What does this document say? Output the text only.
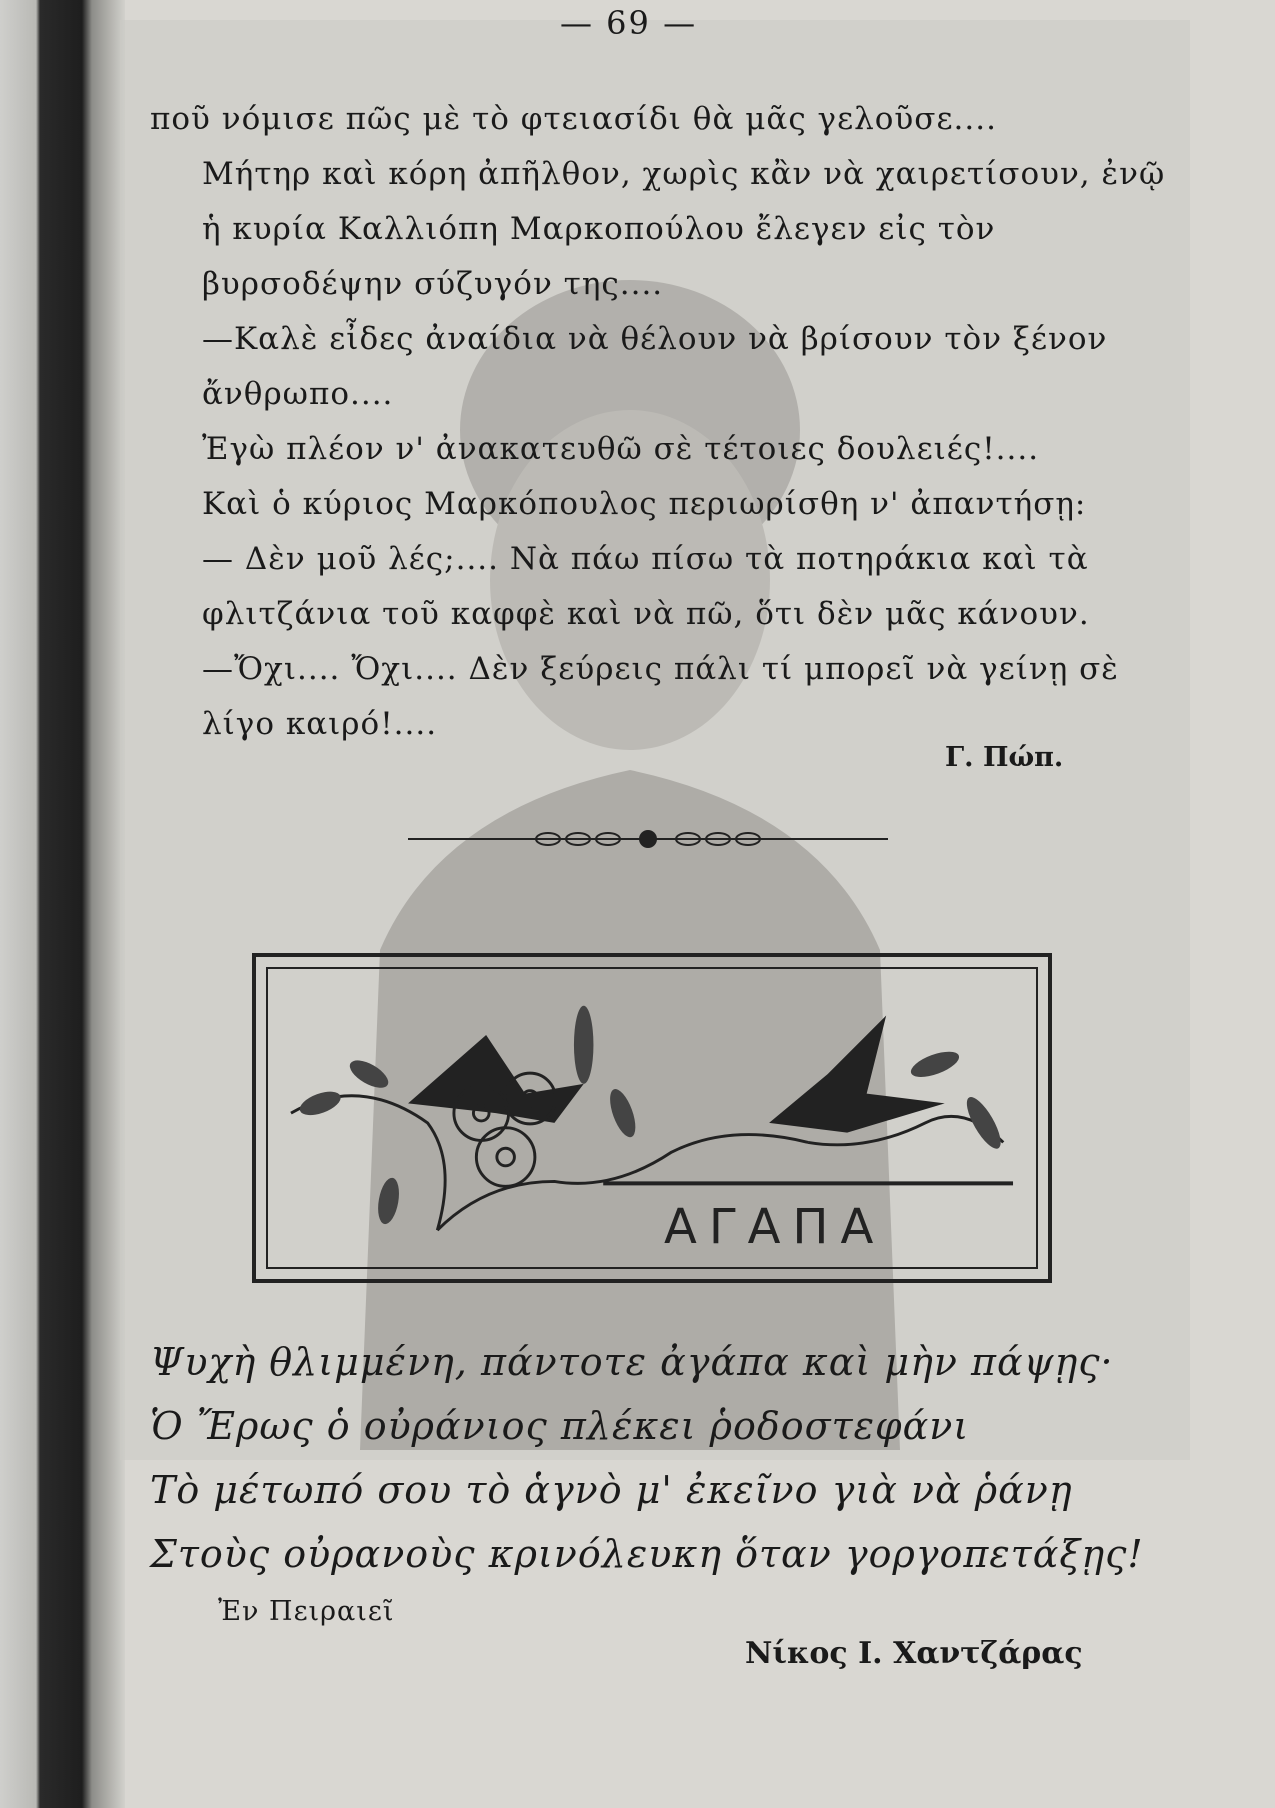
— 69 —

ποῦ νόμισε πῶς μὲ τὸ φτειασίδι θὰ μᾶς γελοῦσε....

Μήτηρ καὶ κόρη ἀπῆλθον, χωρὶς κἂν νὰ χαιρετίσουν, ἐνῷ ἡ κυρία Καλλιόπη Μαρκοπούλου ἔλεγεν εἰς τὸν βυρσοδέψην σύζυγόν της....

—Καλὲ εἶδες ἀναίδια νὰ θέλουν νὰ βρίσουν τὸν ξένον ἄνθρωπο....

Ἐγὼ πλέον ν' ἀνακατευθῶ σὲ τέτοιες δουλειές!....

Καὶ ὁ κύριος Μαρκόπουλος περιωρίσθη ν' ἀπαντήσῃ:

— Δὲν μοῦ λές;.... Νὰ πάω πίσω τὰ ποτηράκια καὶ τὰ φλιτζάνια τοῦ καφφὲ καὶ νὰ πῶ, ὅτι δὲν μᾶς κάνουν.

—Ὄχι.... Ὄχι.... Δὲν ξεύρεις πάλι τί μπορεῖ νὰ γείνῃ σὲ λίγο καιρό!....

Γ. Πώπ.
ΑΓΑΠΑ

Ψυχὴ θλιμμένη, πάντοτε ἀγάπα καὶ μὴν πάψῃς·

Ὁ Ἔρως ὁ οὐράνιος πλέκει ῥοδοστεφάνι

Τὸ μέτωπό σου τὸ ἁγνὸ μ' ἐκεῖνο γιὰ νὰ ῥάνῃ

Στοὺς οὐρανοὺς κρινόλευκη ὅταν γοργοπετάξῃς!

Ἐν Πειραιεῖ
Νίκος Ι. Χαντζάρας
